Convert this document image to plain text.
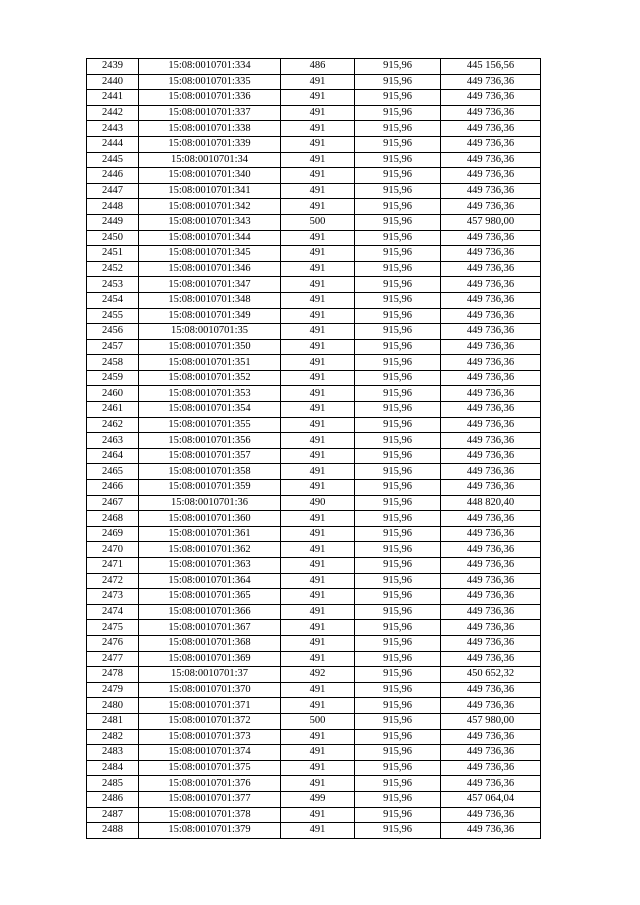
2439	15:08:0010701:334	486	915,96	445 156,56
2440	15:08:0010701:335	491	915,96	449 736,36
2441	15:08:0010701:336	491	915,96	449 736,36
2442	15:08:0010701:337	491	915,96	449 736,36
2443	15:08:0010701:338	491	915,96	449 736,36
2444	15:08:0010701:339	491	915,96	449 736,36
2445	15:08:0010701:34	491	915,96	449 736,36
2446	15:08:0010701:340	491	915,96	449 736,36
2447	15:08:0010701:341	491	915,96	449 736,36
2448	15:08:0010701:342	491	915,96	449 736,36
2449	15:08:0010701:343	500	915,96	457 980,00
2450	15:08:0010701:344	491	915,96	449 736,36
2451	15:08:0010701:345	491	915,96	449 736,36
2452	15:08:0010701:346	491	915,96	449 736,36
2453	15:08:0010701:347	491	915,96	449 736,36
2454	15:08:0010701:348	491	915,96	449 736,36
2455	15:08:0010701:349	491	915,96	449 736,36
2456	15:08:0010701:35	491	915,96	449 736,36
2457	15:08:0010701:350	491	915,96	449 736,36
2458	15:08:0010701:351	491	915,96	449 736,36
2459	15:08:0010701:352	491	915,96	449 736,36
2460	15:08:0010701:353	491	915,96	449 736,36
2461	15:08:0010701:354	491	915,96	449 736,36
2462	15:08:0010701:355	491	915,96	449 736,36
2463	15:08:0010701:356	491	915,96	449 736,36
2464	15:08:0010701:357	491	915,96	449 736,36
2465	15:08:0010701:358	491	915,96	449 736,36
2466	15:08:0010701:359	491	915,96	449 736,36
2467	15:08:0010701:36	490	915,96	448 820,40
2468	15:08:0010701:360	491	915,96	449 736,36
2469	15:08:0010701:361	491	915,96	449 736,36
2470	15:08:0010701:362	491	915,96	449 736,36
2471	15:08:0010701:363	491	915,96	449 736,36
2472	15:08:0010701:364	491	915,96	449 736,36
2473	15:08:0010701:365	491	915,96	449 736,36
2474	15:08:0010701:366	491	915,96	449 736,36
2475	15:08:0010701:367	491	915,96	449 736,36
2476	15:08:0010701:368	491	915,96	449 736,36
2477	15:08:0010701:369	491	915,96	449 736,36
2478	15:08:0010701:37	492	915,96	450 652,32
2479	15:08:0010701:370	491	915,96	449 736,36
2480	15:08:0010701:371	491	915,96	449 736,36
2481	15:08:0010701:372	500	915,96	457 980,00
2482	15:08:0010701:373	491	915,96	449 736,36
2483	15:08:0010701:374	491	915,96	449 736,36
2484	15:08:0010701:375	491	915,96	449 736,36
2485	15:08:0010701:376	491	915,96	449 736,36
2486	15:08:0010701:377	499	915,96	457 064,04
2487	15:08:0010701:378	491	915,96	449 736,36
2488	15:08:0010701:379	491	915,96	449 736,36
